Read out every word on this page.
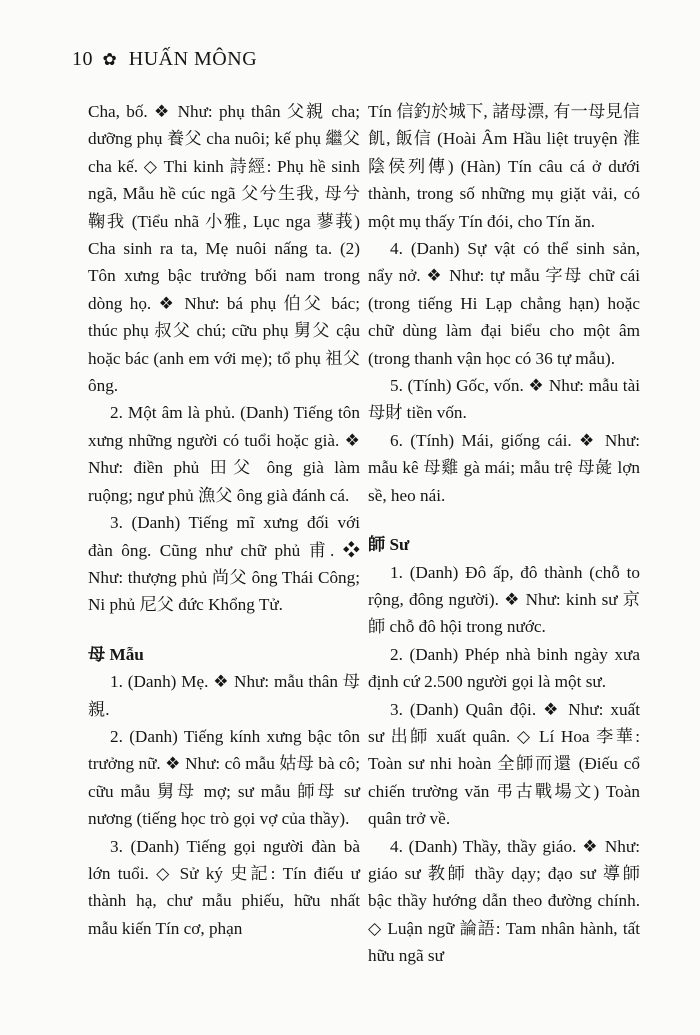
10 ✿ HUẤN MÔNG

Cha, bố. ❖ Như: phụ thân 父親 cha; dưỡng phụ 養父 cha nuôi; kế phụ 繼父 cha kế. ◇ Thi kinh 詩經: Phụ hề sinh ngã, Mẫu hề cúc ngã 父兮生我, 母兮鞠我 (Tiểu nhã 小雅, Lục nga 蓼莪) Cha sinh ra ta, Mẹ nuôi nấng ta. (2) Tôn xưng bậc trưởng bối nam trong dòng họ. ❖ Như: bá phụ 伯父 bác; thúc phụ 叔父 chú; cữu phụ 舅父 cậu hoặc bác (anh em với mẹ); tổ phụ 祖父 ông.

2. Một âm là phủ. (Danh) Tiếng tôn xưng những người có tuổi hoặc già. ❖ Như: điền phủ 田父 ông già làm ruộng; ngư phủ 漁父 ông già đánh cá.

3. (Danh) Tiếng mĩ xưng đối với đàn ông. Cũng như chữ phủ 甫. ❖ Như: thượng phủ 尚父 ông Thái Công; Ni phủ 尼父 đức Khổng Tử.

母 Mẫu

1. (Danh) Mẹ. ❖ Như: mẫu thân 母親.

2. (Danh) Tiếng kính xưng bậc tôn trưởng nữ. ❖ Như: cô mẫu 姑母 bà cô; cữu mẫu 舅母 mợ; sư mẫu 師母 sư nương (tiếng học trò gọi vợ của thầy).

3. (Danh) Tiếng gọi người đàn bà lớn tuổi. ◇ Sử ký 史記: Tín điếu ư thành hạ, chư mẫu phiếu, hữu nhất mẫu kiến Tín cơ, phạn

Tín 信釣於城下, 諸母漂, 有一母見信飢, 飯信 (Hoài Âm Hầu liệt truyện 淮陰侯列傳) (Hàn) Tín câu cá ở dưới thành, trong số những mụ giặt vải, có một mụ thấy Tín đói, cho Tín ăn.

4. (Danh) Sự vật có thể sinh sản, nẩy nở. ❖ Như: tự mẫu 字母 chữ cái (trong tiếng Hi Lạp chẳng hạn) hoặc chữ dùng làm đại biểu cho một âm (trong thanh vận học có 36 tự mẫu).

5. (Tính) Gốc, vốn. ❖ Như: mẫu tài 母財 tiền vốn.

6. (Tính) Mái, giống cái. ❖ Như: mẫu kê 母雞 gà mái; mẫu trệ 母彘 lợn sề, heo nái.

師 Sư

1. (Danh) Đô ấp, đô thành (chỗ to rộng, đông người). ❖ Như: kinh sư 京師 chỗ đô hội trong nước.

2. (Danh) Phép nhà binh ngày xưa định cứ 2.500 người gọi là một sư.

3. (Danh) Quân đội. ❖ Như: xuất sư 出師 xuất quân. ◇ Lí Hoa 李華: Toàn sư nhi hoàn 全師而還 (Điếu cổ chiến trường văn 弔古戰場文) Toàn quân trở về.

4. (Danh) Thầy, thầy giáo. ❖ Như: giáo sư 教師 thầy dạy; đạo sư 導師 bậc thầy hướng dẫn theo đường chính. ◇ Luận ngữ 論語: Tam nhân hành, tất hữu ngã sư
